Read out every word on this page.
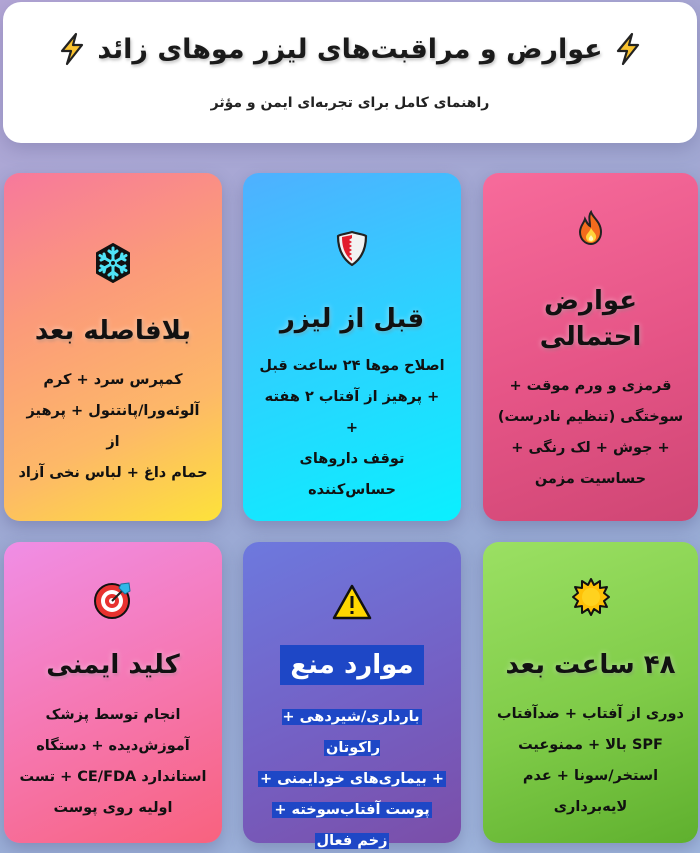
عوارض و مراقبت‌های لیزر موهای زائد
راهنمای کامل برای تجربه‌ای ایمن و مؤثر
عوارض
احتمالی
قرمزی و ورم موقت +
سوختگی (تنظیم نادرست)
+ جوش + لک رنگی +
حساسیت مزمن
قبل از لیزر
اصلاح موها ۲۴ ساعت قبل
+ پرهیز از آفتاب ۲ هفته +
توقف داروهای
حساس‌کننده
بلافاصله بعد
کمپرس سرد + کرم
آلوئه‌ورا/پانتنول + پرهیز از
حمام داغ + لباس نخی آزاد
۴۸ ساعت بعد
دوری از آفتاب + ضدآفتاب
SPF بالا + ممنوعیت
استخر/سونا + عدم
لایه‌برداری
موارد منع
بارداری/شیردهی + راکوتان
+ بیماری‌های خودایمنی +
پوست آفتاب‌سوخته +
زخم فعال
کلید ایمنی
انجام توسط پزشک
آموزش‌دیده + دستگاه
استاندارد CE/FDA + تست
اولیه روی پوست
